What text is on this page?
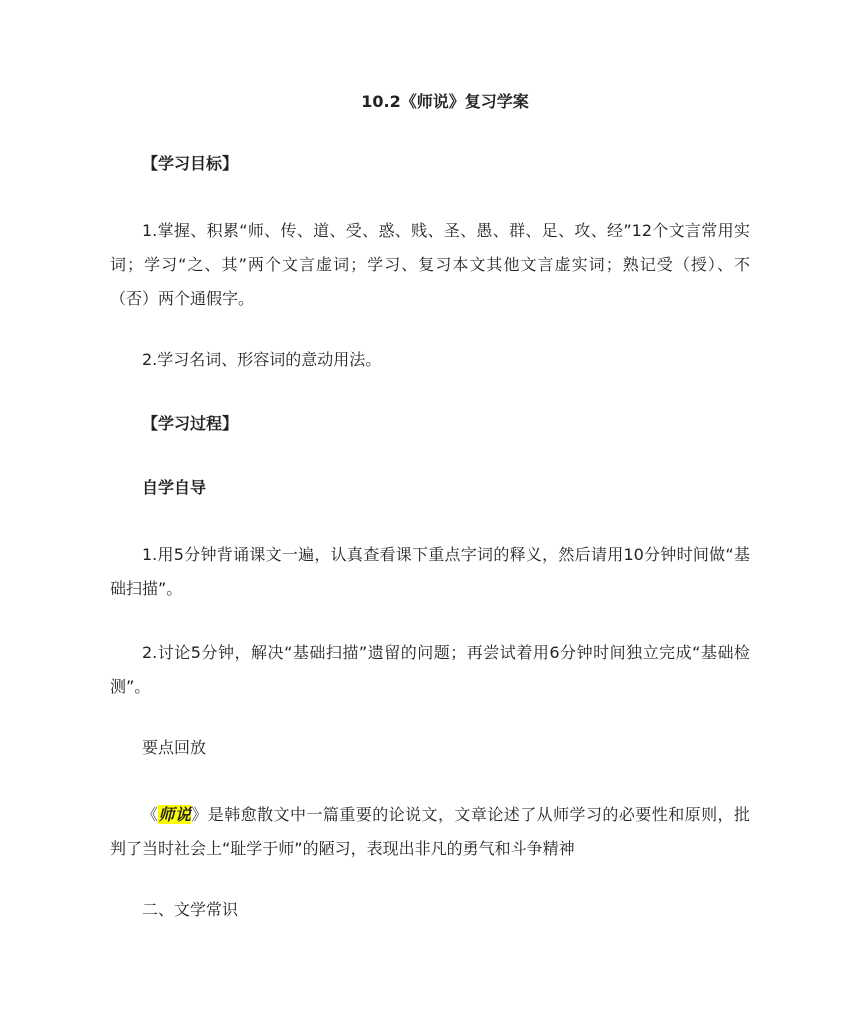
10.2《师说》复习学案
【学习目标】

1.掌握、积累“师、传、道、受、惑、贱、圣、愚、群、足、攻、经”12个文言常用实词；学习“之、其”两个文言虚词；学习、复习本文其他文言虚实词；熟记受（授）、不（否）两个通假字。

2.学习名词、形容词的意动用法。

【学习过程】
自学自导

1.用5分钟背诵课文一遍，认真查看课下重点字词的释义，然后请用10分钟时间做“基础扫描”。

2.讨论5分钟，解决“基础扫描”遗留的问题；再尝试着用6分钟时间独立完成“基础检测”。

要点回放

《师说》是韩愈散文中一篇重要的论说文，文章论述了从师学习的必要性和原则，批判了当时社会上“耻学于师”的陋习，表现出非凡的勇气和斗争精神

二、文学常识
